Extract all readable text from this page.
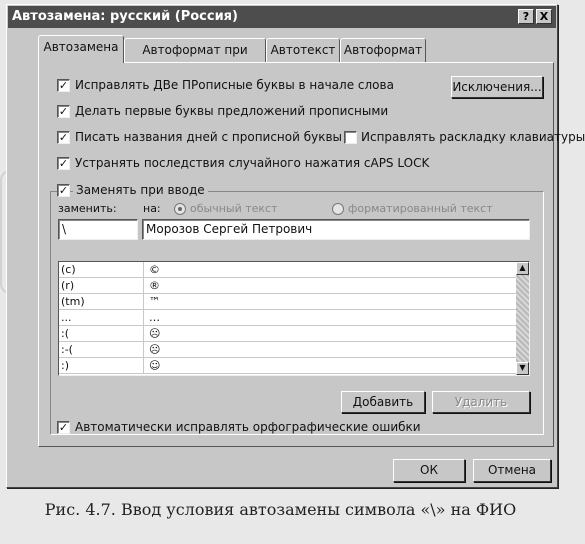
Автозамена: русский (Россия)	? X
Автозамена	Автоформат при	Автотекст Автоформат
✓ Исправлять ДВе ПРописные буквы в начале слова	Исключения...
✓ Делать первые буквы предложений прописными
✓ Писать названия дней с прописной буквы Исправлять раскладку клавиатуры
✓ Устранять последствия случайного нажатия cAPS LOCK
✓ Заменять при вводе
заменить: на:	обычный текст	форматированный текст
\	Морозов Сергей Петрович
(c)	©
(r)	®
(tm)	™
...	…
:(	☹
:-(	☹
:)	☺
▲
▼
Добавить	Удалить
✓ Автоматически исправлять орфографические ошибки
ОК	Отмена
Рис. 4.7. Ввод условия автозамены символа «\» на ФИО
